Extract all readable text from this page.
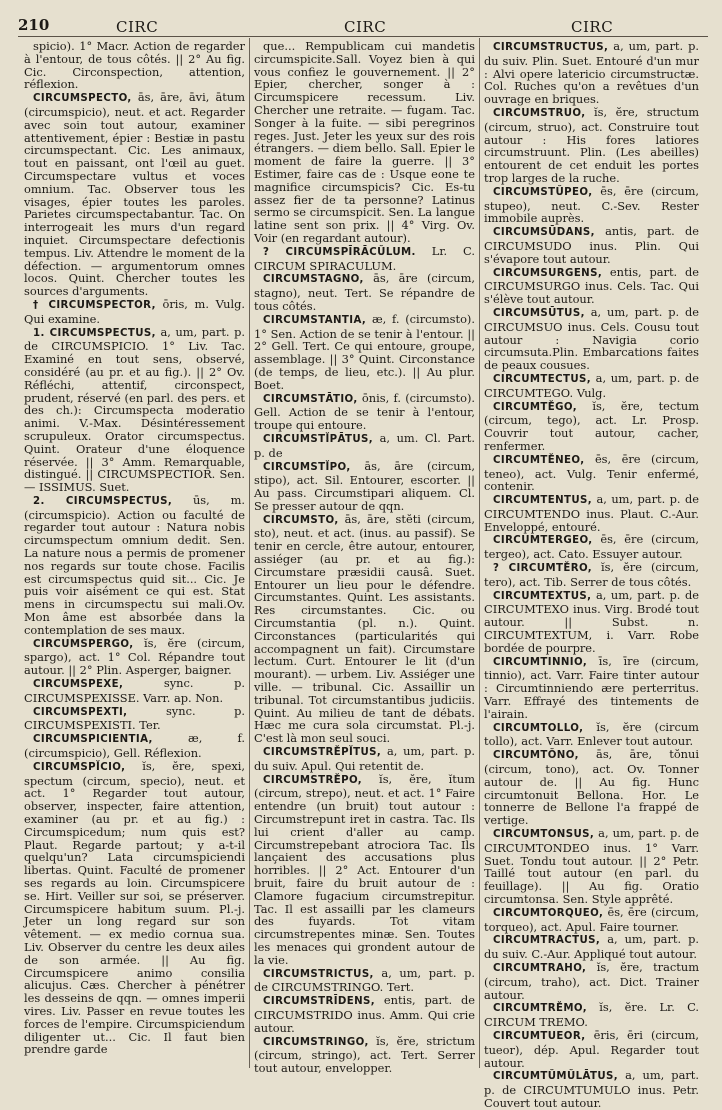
210	CIRC	CIRC	CIRC

spicio). 1° Macr. Action de regarder à l'entour, de tous côtés. || 2° Au fig. Cic. Circonspection, attention, réflexion.

CIRCUMSPECTO, ās, āre, āvi, ātum (circumspicio), neut. et act. Regarder avec soin tout autour, examiner attentivement, épier : Bestiæ in pastu circumspectant. Cic. Les animaux, tout en paissant, ont l'œil au guet. Circumspectare vultus et voces omnium. Tac. Observer tous les visages, épier toutes les paroles. Parietes circumspectabantur. Tac. On interrogeait les murs d'un regard inquiet. Circumspectare defectionis tempus. Liv. Attendre le moment de la défection. — argumentorum omnes locos. Quint. Chercher toutes les sources d'arguments.

† CIRCUMSPECTOR, ōris, m. Vulg. Qui examine.

1. CIRCUMSPECTUS, a, um, part. p. de CIRCUMSPICIO. 1° Liv. Tac. Examiné en tout sens, observé, considéré (au pr. et au fig.). || 2° Ov. Réfléchi, attentif, circonspect, prudent, réservé (en parl. des pers. et des ch.): Circumspecta moderatio animi. V.-Max. Désintéressement scrupuleux. Orator circumspectus. Quint. Orateur d'une éloquence réservée. || 3° Amm. Remarquable, distingué. || CIRCUMSPECTIOR. Sen. — ISSIMUS. Suet.

2. CIRCUMSPECTUS, ūs, m. (circumspicio). Action ou faculté de regarder tout autour : Natura nobis circumspectum omnium dedit. Sen. La nature nous a permis de promener nos regards sur toute chose. Facilis est circumspectus quid sit... Cic. Je puis voir aisément ce qui est. Stat mens in circumspectu sui mali.Ov. Mon âme est absorbée dans la contemplation de ses maux.

CIRCUMSPERGO, ĭs, ĕre (circum, spargo), act. 1° Col. Répandre tout autour. || 2° Plin. Asperger, baigner.

CIRCUMSPEXE,	sync. p. CIRCUMSPEXISSE. Varr. ap. Non.

CIRCUMSPEXTI,	sync. p. CIRCUMSPEXISTI. Ter.

CIRCUMSPICIENTIA,	æ, f. (circumspicio), Gell. Réflexion.

CIRCUMSPĬCIO, ĭs, ĕre, spexi, spectum (circum, specio), neut. et act. 1° Regarder tout autour, observer, inspecter, faire attention, examiner (au pr. et au fig.) : Circumspicedum; num quis est? Plaut. Regarde partout; y a-t-il quelqu'un? Lata circumspiciendi libertas. Quint. Faculté de promener ses regards au loin. Circumspicere se. Hirt. Veiller sur soi, se préserver. Circumspicere habitum suum. Pl.-j. Jeter un long regard sur son vêtement. — ex medio cornua sua. Liv. Observer du centre les deux ailes de son armée. || Au fig. Circumspicere animo consilia alicujus. Cæs. Chercher à pénétrer les desseins de qqn. — omnes imperii vires. Liv. Passer en revue toutes les forces de l'empire. Circumspiciendum diligenter ut... Cic. Il faut bien prendre garde

que... Rempublicam cui mandetis circumspicite.Sall. Voyez bien à qui vous confiez le gouvernement. || 2° Epier, chercher, songer à : Circumspicere recessum. Liv. Chercher une retraite. — fugam. Tac. Songer à la fuite. — sibi peregrinos reges. Just. Jeter les yeux sur des rois étrangers. — diem bello. Sall. Epier le moment de faire la guerre. || 3° Estimer, faire cas de : Usque eone te magnifice circumspicis? Cic. Es-tu assez fier de ta personne? Latinus sermo se circumspicit. Sen. La langue latine sent son prix. || 4° Virg. Ov. Voir (en regardant autour).

? CIRCUMSPĪRĀCŬLUM. Lr. C. CIRCUM SPIRACULUM.

CIRCUMSTAGNO, ās, āre (circum, stagno), neut. Tert. Se répandre de tous côtés.

CIRCUMSTANTIA, æ, f. (circumsto). 1° Sen. Action de se tenir à l'entour. || 2° Gell. Tert. Ce qui entoure, groupe, assemblage. || 3° Quint. Circonstance (de temps, de lieu, etc.). || Au plur. Boet.

CIRCUMSTĀTIO, ōnis, f. (circumsto). Gell. Action de se tenir à l'entour, troupe qui entoure.

CIRCUMSTĬPĀTUS, a, um. Cl. Part. p. de

CIRCUMSTĬPO, ās, āre (circum, stipo), act. Sil. Entourer, escorter. || Au pass. Circumstipari aliquem. Cl. Se presser autour de qqn.

CIRCUMSTO, ās, āre, stĕti (circum, sto), neut. et act. (inus. au passif). Se tenir en cercle, être autour, entourer, assiéger (au pr. et au fig.): Circumstare præsidii causâ. Suet. Entourer un lieu pour le défendre. Circumstantes. Quint. Les assistants. Res circumstantes. Cic. ou Circumstantia (pl. n.). Quint. Circonstances (particularités qui accompagnent un fait). Circumstare lectum. Curt. Entourer le lit (d'un mourant). — urbem. Liv. Assiéger une ville. — tribunal. Cic. Assaillir un tribunal. Tot circumstantibus judiciis. Quint. Au milieu de tant de débats. Hæc me cura sola circumstat. Pl.-j. C'est là mon seul souci.

CIRCUMSTRĔPĬTUS, a, um, part. p. du suiv. Apul. Qui retentit de.

CIRCUMSTRĔPO, ĭs, ĕre, ĭtum (circum, strepo), neut. et act. 1° Faire entendre (un bruit) tout autour : Circumstrepunt iret in castra. Tac. Ils lui crient d'aller au camp. Circumstrepebant atrociora Tac. Ils lançaient des accusations plus horribles. || 2° Act. Entourer d'un bruit, faire du bruit autour de : Clamore fugacium circumstrepitur. Tac. Il est assailli par les clameurs des fuyards. Tot vitam circumstrepentes minæ. Sen. Toutes les menaces qui grondent autour de la vie.

CIRCUMSTRICTUS, a, um, part. p. de CIRCUMSTRINGO. Tert.

CIRCUMSTRĪDENS, entis, part. de CIRCUMSTRIDO inus. Amm. Qui crie autour.

CIRCUMSTRINGO, ĭs, ĕre, strictum (circum, stringo), act. Tert. Serrer tout autour, envelopper.

CIRCUMSTRUCTUS, a, um, part. p. du suiv. Plin. Suet. Entouré d'un mur : Alvi opere latericio circumstructæ. Col. Ruches qu'on a revêtues d'un ouvrage en briques.

CIRCUMSTRUO, ĭs, ĕre, structum (circum, struo), act. Construire tout autour : His fores latiores circumstruunt. Plin. (Les abeilles) entourent de cet enduit les portes trop larges de la ruche.

CIRCUMSTŬPEO, ēs, ēre (circum, stupeo), neut. C.-Sev. Rester immobile auprès.

CIRCUMSŪDANS, antis, part. de CIRCUMSUDO inus. Plin. Qui s'évapore tout autour.

CIRCUMSURGENS, entis, part. de CIRCUMSURGO inus. Cels. Tac. Qui s'élève tout autour.

CIRCUMSŪTUS, a, um, part. p. de CIRCUMSUO inus. Cels. Cousu tout autour : Navigia corio circumsuta.Plin. Embarcations faites de peaux cousues.

CIRCUMTECTUS, a, um, part. p. de CIRCUMTEGO. Vulg.

CIRCUMTĔGO, ĭs, ĕre, tectum (circum, tego), act. Lr. Prosp. Couvrir tout autour, cacher, renfermer.

CIRCUMTĔNEO, ēs, ēre (circum, teneo), act. Vulg. Tenir enfermé, contenir.

CIRCUMTENTUS, a, um, part. p. de CIRCUMTENDO inus. Plaut. C.-Aur. Enveloppé, entouré.

CIRCUMTERGEO, ēs, ēre (circum, tergeo), act. Cato. Essuyer autour.

? CIRCUMTĔRO, ĭs, ĕre (circum, tero), act. Tib. Serrer de tous côtés.

CIRCUMTEXTUS, a, um, part. p. de CIRCUMTEXO inus. Virg. Brodé tout autour. || Subst. n. CIRCUMTEXTUM, i. Varr. Robe bordée de pourpre.

CIRCUMTINNIO, īs, īre (circum, tinnio), act. Varr. Faire tinter autour : Circumtinniendo ære perterritus. Varr. Effrayé des tintements de l'airain.

CIRCUMTOLLO, ĭs, ĕre (circum tollo), act. Varr. Enlever tout autour.

CIRCUMTŎNO, ās, āre, tŏnui (circum, tono), act. Ov. Tonner autour de. || Au fig. Hunc circumtonuit Bellona. Hor. Le tonnerre de Bellone l'a frappé de vertige.

CIRCUMTONSUS, a, um, part. p. de CIRCUMTONDEO inus. 1° Varr. Suet. Tondu tout autour. || 2° Petr. Taillé tout autour (en parl. du feuillage). || Au fig. Oratio circumtonsa. Sen. Style apprêté.

CIRCUMTORQUEO, ēs, ēre (circum, torqueo), act. Apul. Faire tourner.

CIRCUMTRACTUS, a, um, part. p. du suiv. C.-Aur. Appliqué tout autour.

CIRCUMTRAHO, ĭs, ĕre, tractum (circum, traho), act. Dict. Trainer autour.

CIRCUMTRĔMO, ĭs, ĕre. Lr. C. CIRCUM TREMO.

CIRCUMTUEOR, ēris, ēri (circum, tueor), dép. Apul. Regarder tout autour.

CIRCUMTŬMŬLĀTUS, a, um, part. p. de CIRCUMTUMULO inus. Petr. Couvert tout autour.
